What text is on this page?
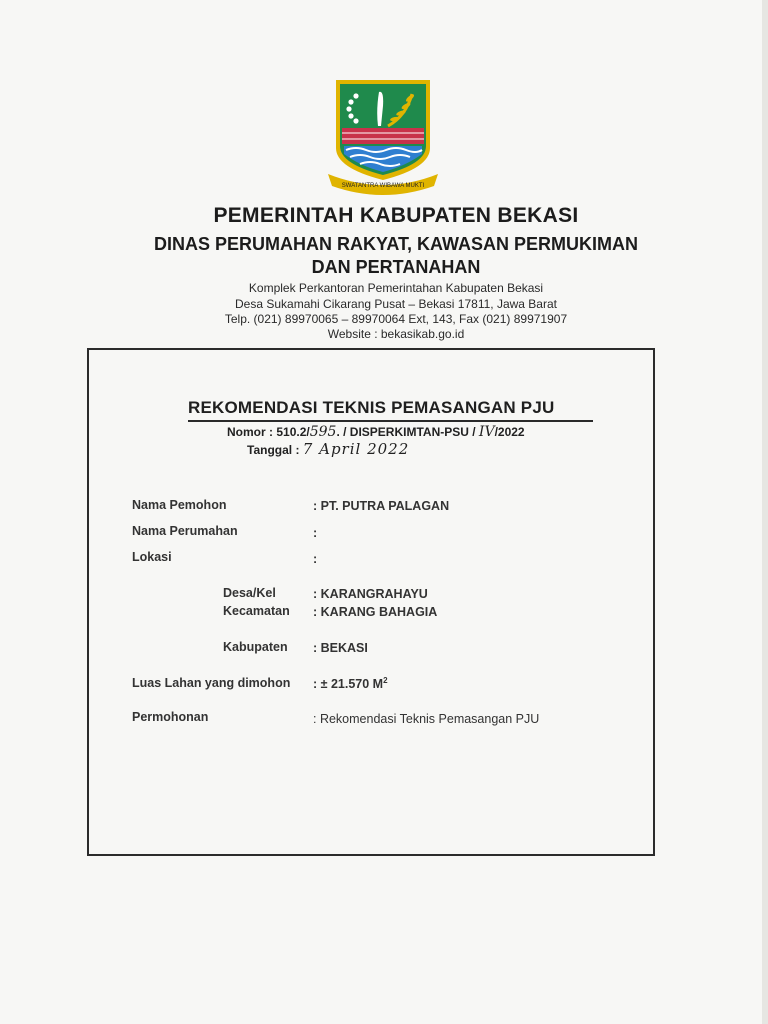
SWATANTRA WIBAWA MUKTI
PEMERINTAH KABUPATEN BEKASI
DINAS PERUMAHAN RAKYAT, KAWASAN PERMUKIMAN
DAN PERTANAHAN
Komplek Perkantoran Pemerintahan Kabupaten Bekasi
Desa Sukamahi Cikarang Pusat – Bekasi 17811, Jawa Barat
Telp. (021) 89970065 – 89970064 Ext, 143, Fax (021) 89971907
Website : bekasikab.go.id
REKOMENDASI TEKNIS PEMASANGAN PJU
Nomor : 510.2/595. / DISPERKIMTAN-PSU / IV/2022
Tanggal : 7 April 2022
Nama Pemohon	: PT. PUTRA PALAGAN
Nama Perumahan	:
Lokasi	:
Desa/Kel	: KARANGRAHAYU
Kecamatan : KARANG BAHAGIA
Kabupaten : BEKASI
Luas Lahan yang dimohon : ± 21.570 $M^2$
Permohonan	: Rekomendasi Teknis Pemasangan PJU
